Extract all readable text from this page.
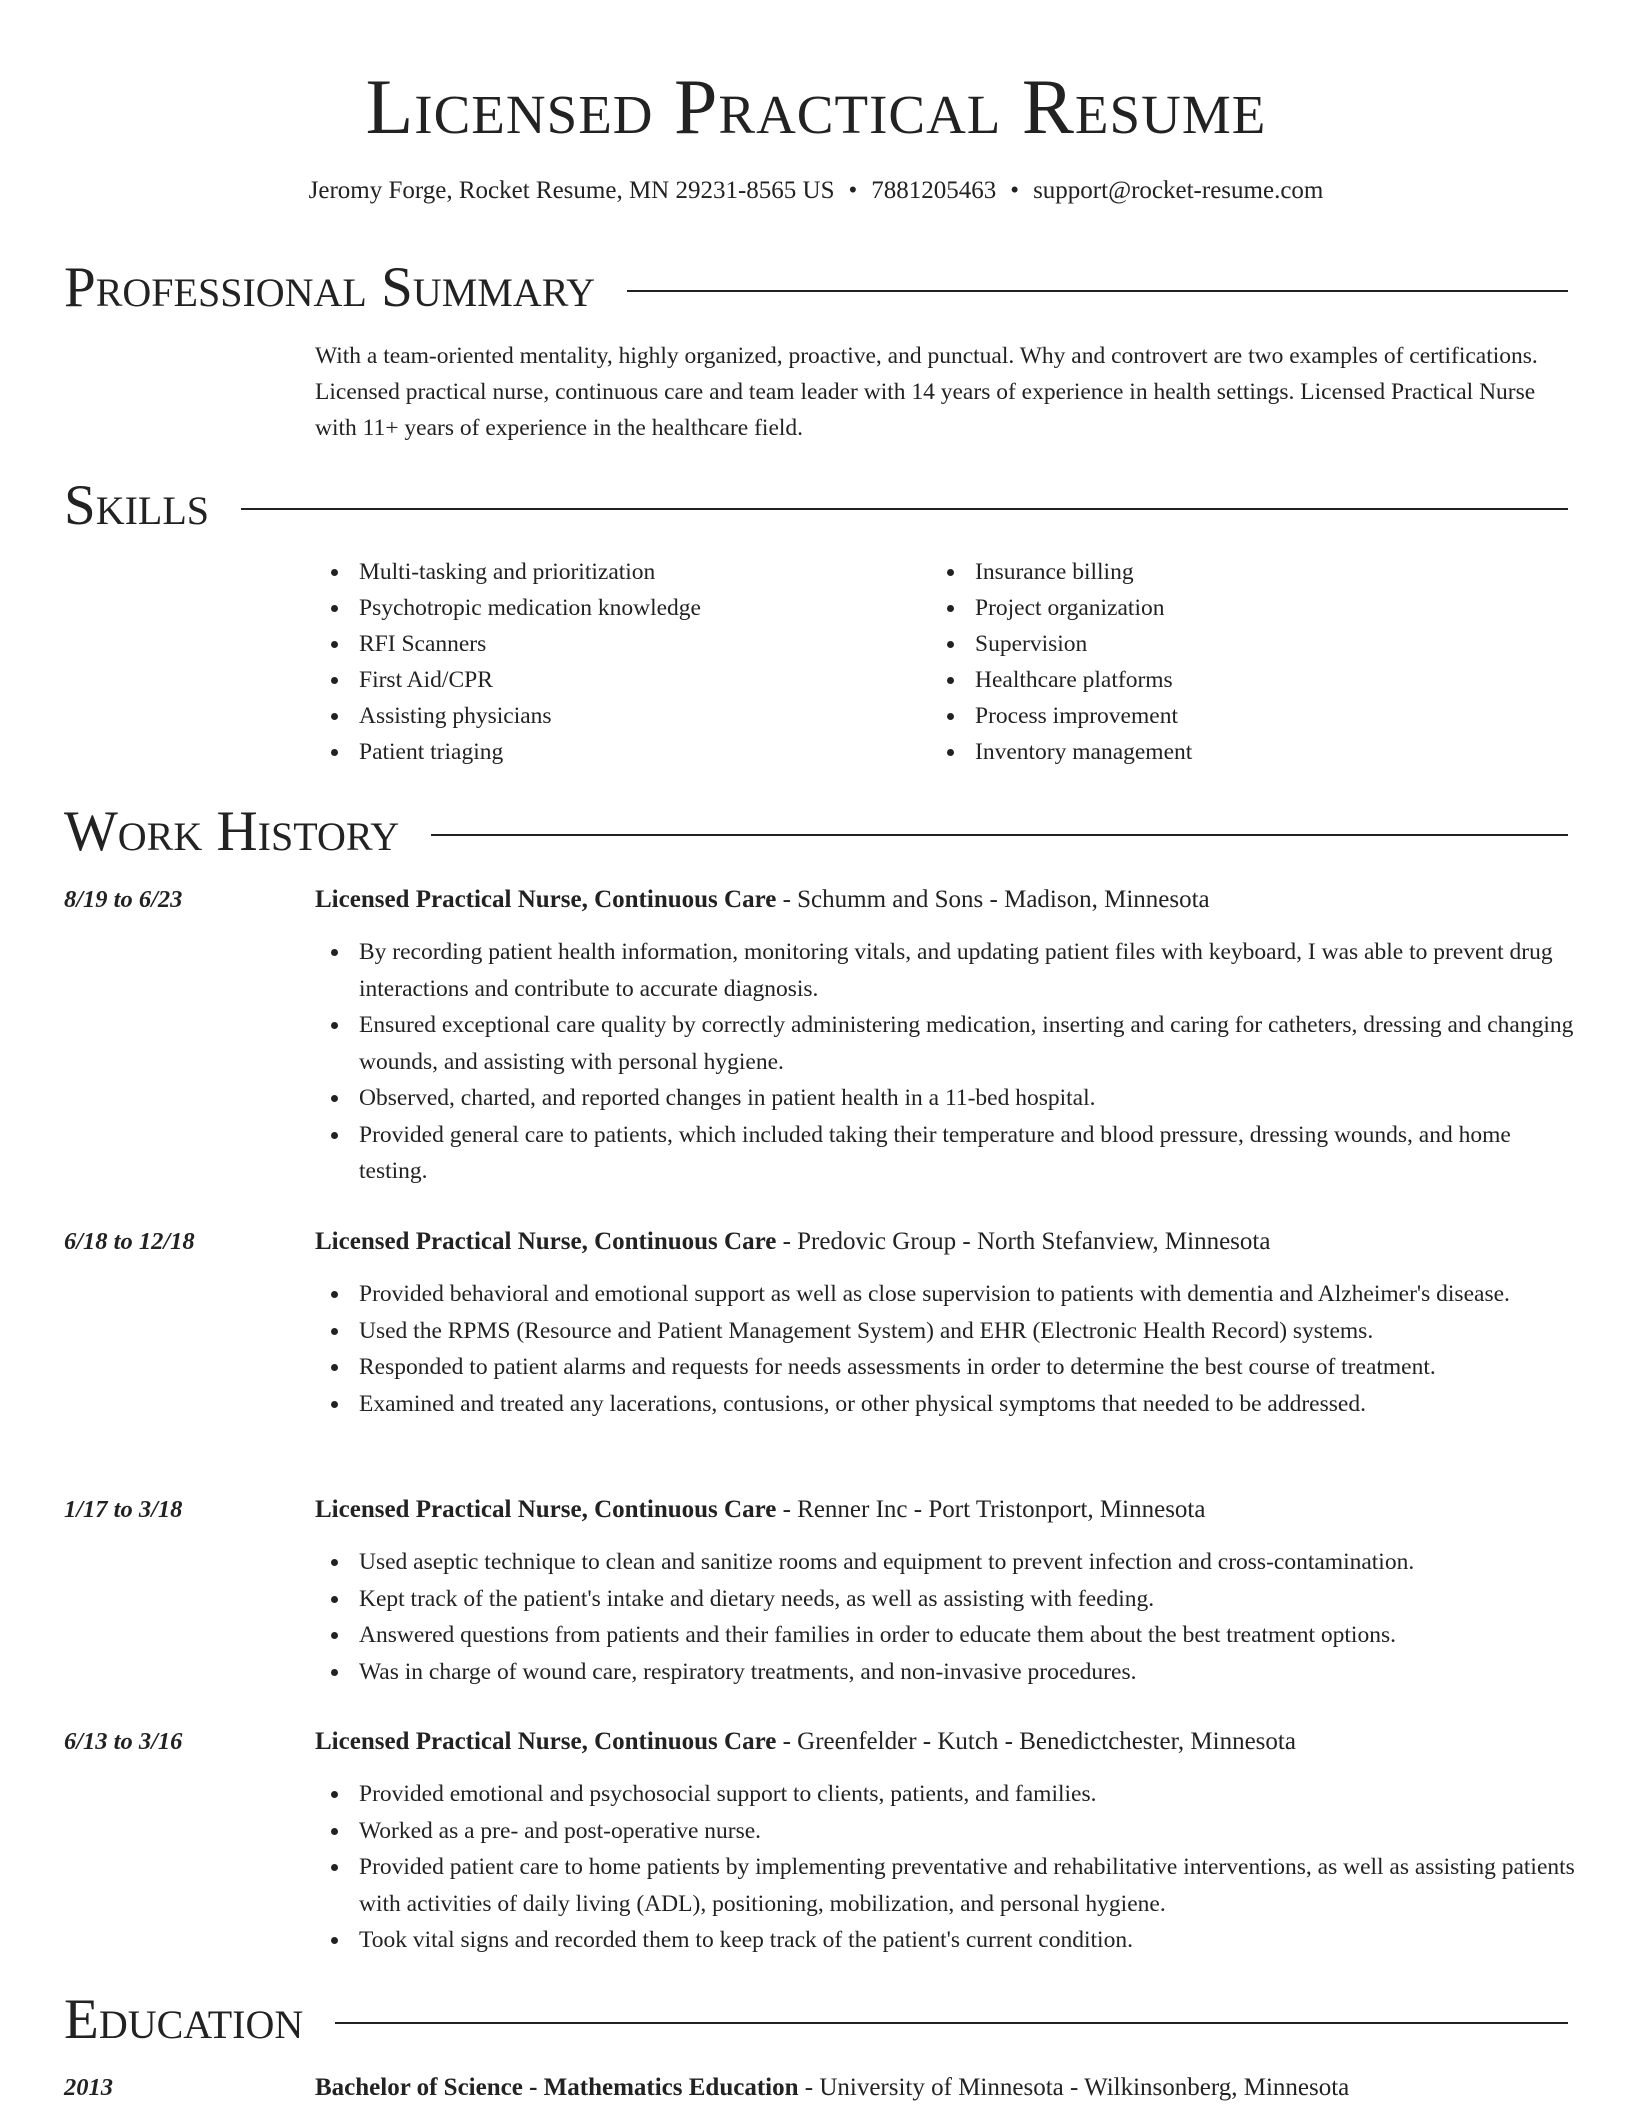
Licensed Practical Resume
Jeromy Forge, Rocket Resume, MN 29231-8565 US • 7881205463 • support@rocket-resume.com
Professional Summary

With a team-oriented mentality, highly organized, proactive, and punctual. Why and controvert are two examples of certifications. Licensed practical nurse, continuous care and team leader with 14 years of experience in health settings. Licensed Practical Nurse with 11+ years of experience in the healthcare field.

Skills
Multi-tasking and prioritization
Psychotropic medication knowledge
RFI Scanners
First Aid/CPR
Assisting physicians
Patient triaging
Insurance billing
Project organization
Supervision
Healthcare platforms
Process improvement
Inventory management
Work History
8/19 to 6/23	Licensed Practical Nurse, Continuous Care - Schumm and Sons - Madison, Minnesota
By recording patient health information, monitoring vitals, and updating patient files with keyboard, I was able to prevent drug interactions and contribute to accurate diagnosis.
Ensured exceptional care quality by correctly administering medication, inserting and caring for catheters, dressing and changing wounds, and assisting with personal hygiene.
Observed, charted, and reported changes in patient health in a 11-bed hospital.
Provided general care to patients, which included taking their temperature and blood pressure, dressing wounds, and home testing.
6/18 to 12/18	Licensed Practical Nurse, Continuous Care - Predovic Group - North Stefanview, Minnesota
Provided behavioral and emotional support as well as close supervision to patients with dementia and Alzheimer's disease.
Used the RPMS (Resource and Patient Management System) and EHR (Electronic Health Record) systems.
Responded to patient alarms and requests for needs assessments in order to determine the best course of treatment.
Examined and treated any lacerations, contusions, or other physical symptoms that needed to be addressed.
1/17 to 3/18	Licensed Practical Nurse, Continuous Care - Renner Inc - Port Tristonport, Minnesota
Used aseptic technique to clean and sanitize rooms and equipment to prevent infection and cross-contamination.
Kept track of the patient's intake and dietary needs, as well as assisting with feeding.
Answered questions from patients and their families in order to educate them about the best treatment options.
Was in charge of wound care, respiratory treatments, and non-invasive procedures.
6/13 to 3/16	Licensed Practical Nurse, Continuous Care - Greenfelder - Kutch - Benedictchester, Minnesota
Provided emotional and psychosocial support to clients, patients, and families.
Worked as a pre- and post-operative nurse.
Provided patient care to home patients by implementing preventative and rehabilitative interventions, as well as assisting patients with activities of daily living (ADL), positioning, mobilization, and personal hygiene.
Took vital signs and recorded them to keep track of the patient's current condition.
Education
2013	Bachelor of Science - Mathematics Education - University of Minnesota - Wilkinsonberg, Minnesota
